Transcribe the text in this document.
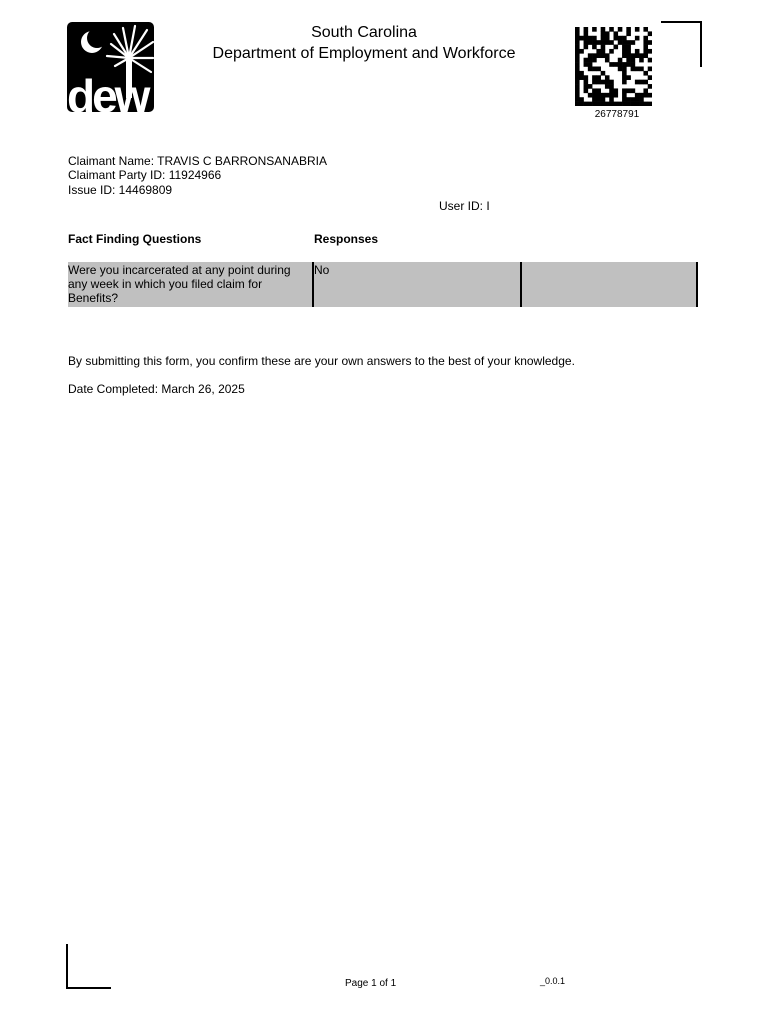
dew
South Carolina
Department of Employment and Workforce
26778791
Claimant Name: TRAVIS C BARRONSANABRIA
Claimant Party ID: 11924966
Issue ID: 14469809
User ID: I
Fact Finding Questions	Responses
Were you incarcerated at any point during any week in which you filed claim for Benefits?
No
By submitting this form, you confirm these are your own answers to the best of your knowledge.
Date Completed: March 26, 2025
Page 1 of 1	_0.0.1
